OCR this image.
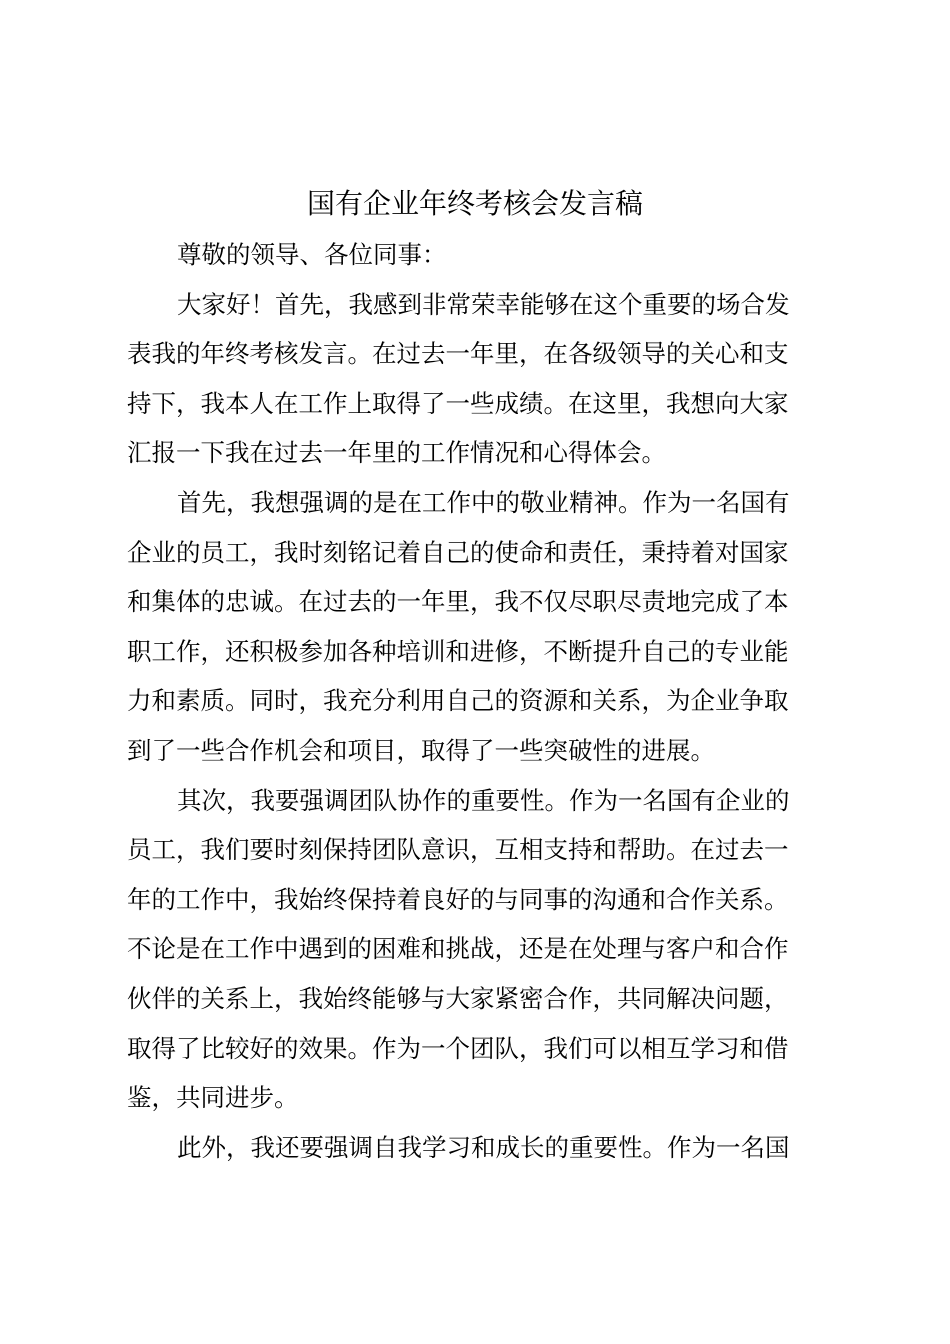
国有企业年终考核会发言稿
尊敬的领导、各位同事：
大家好！首先，我感到非常荣幸能够在这个重要的场合发
表我的年终考核发言。在过去一年里，在各级领导的关心和支
持下，我本人在工作上取得了一些成绩。在这里，我想向大家
汇报一下我在过去一年里的工作情况和心得体会。
首先，我想强调的是在工作中的敬业精神。作为一名国有
企业的员工，我时刻铭记着自己的使命和责任，秉持着对国家
和集体的忠诚。在过去的一年里，我不仅尽职尽责地完成了本
职工作，还积极参加各种培训和进修，不断提升自己的专业能
力和素质。同时，我充分利用自己的资源和关系，为企业争取
到了一些合作机会和项目，取得了一些突破性的进展。
其次，我要强调团队协作的重要性。作为一名国有企业的
员工，我们要时刻保持团队意识，互相支持和帮助。在过去一
年的工作中，我始终保持着良好的与同事的沟通和合作关系。
不论是在工作中遇到的困难和挑战，还是在处理与客户和合作
伙伴的关系上，我始终能够与大家紧密合作，共同解决问题，
取得了比较好的效果。作为一个团队，我们可以相互学习和借
鉴，共同进步。
此外，我还要强调自我学习和成长的重要性。作为一名国
